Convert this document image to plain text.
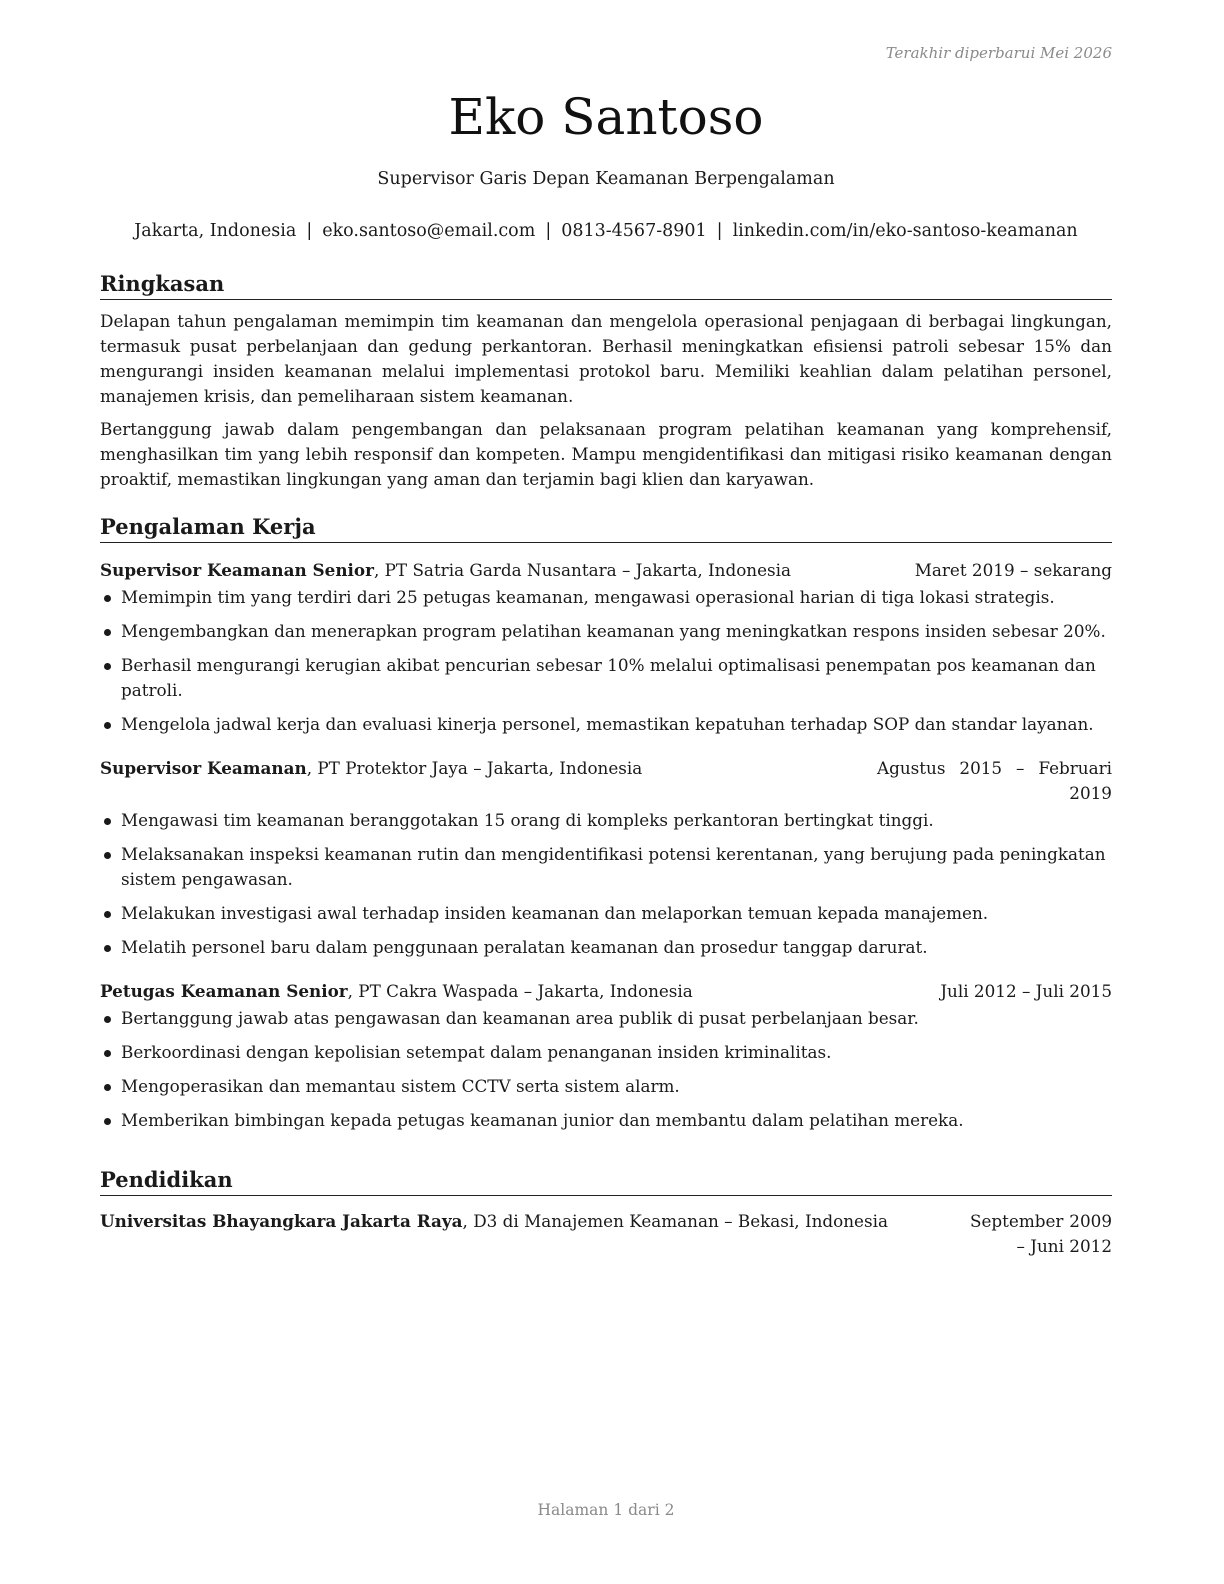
Terakhir diperbarui Mei 2026
Eko Santoso
Supervisor Garis Depan Keamanan Berpengalaman
Jakarta, Indonesia | eko.santoso@email.com | 0813-4567-8901 | linkedin.com/in/eko-santoso-keamanan
Ringkasan

Delapan tahun pengalaman memimpin tim keamanan dan mengelola operasional penjagaan di berbagai lingkungan, termasuk pusat perbelanjaan dan gedung perkantoran. Berhasil meningkatkan efisiensi patroli sebesar 15% dan mengurangi insiden keamanan melalui implementasi protokol baru. Memiliki keahlian dalam pelatihan personel, manajemen krisis, dan pemeliharaan sistem keamanan.

Bertanggung jawab dalam pengembangan dan pelaksanaan program pelatihan keamanan yang komprehensif, menghasilkan tim yang lebih responsif dan kompeten. Mampu mengidentifikasi dan mitigasi risiko keamanan dengan proaktif, memastikan lingkungan yang aman dan terjamin bagi klien dan karyawan.

Pengalaman Kerja
Supervisor Keamanan Senior, PT Satria Garda Nusantara – Jakarta, Indonesia	Maret 2019 – sekarang
Memimpin tim yang terdiri dari 25 petugas keamanan, mengawasi operasional harian di tiga lokasi strategis.
Mengembangkan dan menerapkan program pelatihan keamanan yang meningkatkan respons insiden sebesar 20%.
Berhasil mengurangi kerugian akibat pencurian sebesar 10% melalui optimalisasi penempatan pos keamanan dan patroli.
Mengelola jadwal kerja dan evaluasi kinerja personel, memastikan kepatuhan terhadap SOP dan standar layanan.
Supervisor Keamanan, PT Protektor Jaya – Jakarta, Indonesia	Agustus 2015 – Februari 2019
Mengawasi tim keamanan beranggotakan 15 orang di kompleks perkantoran bertingkat tinggi.
Melaksanakan inspeksi keamanan rutin dan mengidentifikasi potensi kerentanan, yang berujung pada peningkatan sistem pengawasan.
Melakukan investigasi awal terhadap insiden keamanan dan melaporkan temuan kepada manajemen.
Melatih personel baru dalam penggunaan peralatan keamanan dan prosedur tanggap darurat.
Petugas Keamanan Senior, PT Cakra Waspada – Jakarta, Indonesia	Juli 2012 – Juli 2015
Bertanggung jawab atas pengawasan dan keamanan area publik di pusat perbelanjaan besar.
Berkoordinasi dengan kepolisian setempat dalam penanganan insiden kriminalitas.
Mengoperasikan dan memantau sistem CCTV serta sistem alarm.
Memberikan bimbingan kepada petugas keamanan junior dan membantu dalam pelatihan mereka.
Pendidikan
Universitas Bhayangkara Jakarta Raya, D3 di Manajemen Keamanan – Bekasi, Indonesia	September 2009 – Juni 2012
Halaman 1 dari 2
